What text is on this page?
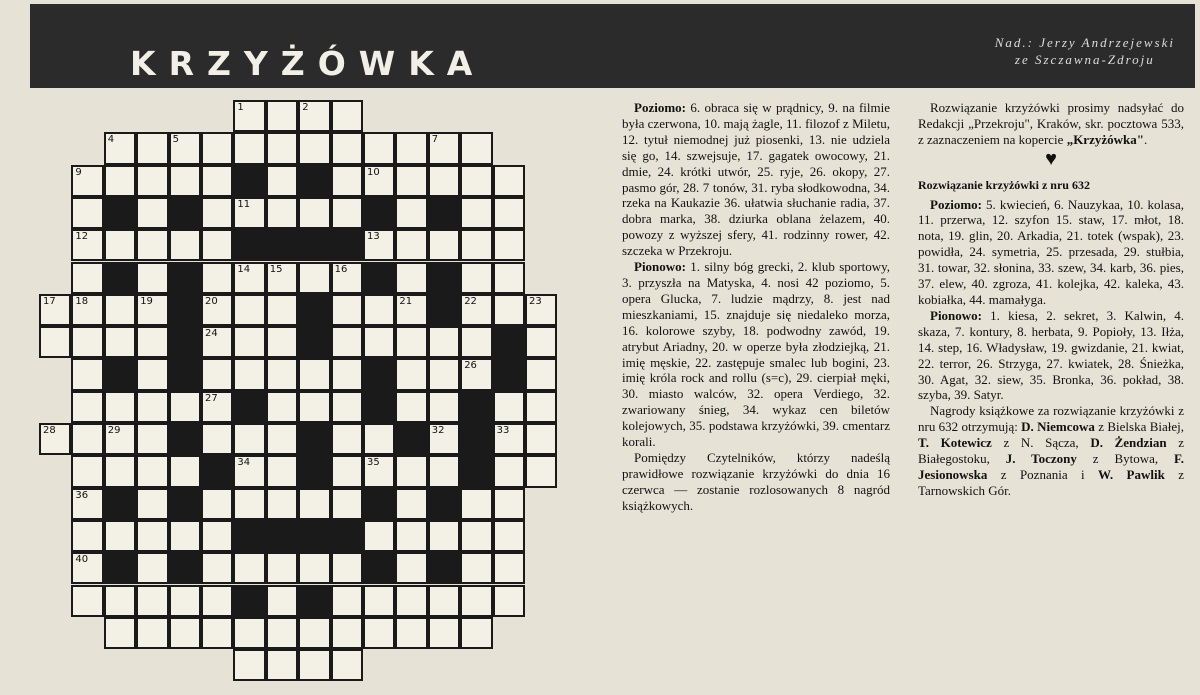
KRZYŻÓWKA
Nad.: Jerzy Andrzejewski
ze Szczawna-Zdroju
1	2
4	5	7
9	10
11
12	13
14 15	16
17 18	19	20	21	22	23
24
26
27
28	29	32	33
34	35
36
40

Poziomo: 6. obraca się w prądnicy, 9. na filmie była czerwona, 10. mają żagle, 11. filozof z Miletu, 12. tytuł niemodnej już piosenki, 13. nie udziela się go, 14. szwejsuje, 17. gagatek owocowy, 21. dmie, 24. krótki utwór, 25. ryje, 26. okopy, 27. pasmo gór, 28. 7 tonów, 31. ryba słodkowodna, 34. rzeka na Kaukazie 36. ułatwia słuchanie radia, 37. dobra marka, 38. dziurka oblana żelazem, 40. powozy z wyższej sfery, 41. rodzinny rower, 42. szczeka w Przekroju.

Pionowo: 1. silny bóg grecki, 2. klub sportowy, 3. przyszła na Matyska, 4. nosi 42 poziomo, 5. opera Glucka, 7. ludzie mądrzy, 8. jest nad mieszkaniami, 15. znajduje się niedaleko morza, 16. kolorowe szyby, 18. podwodny zawód, 19. atrybut Ariadny, 20. w operze była złodziejką, 21. imię męskie, 22. zastępuje smalec lub bogini, 23. imię króla rock and rollu (s=c), 29. cierpiał męki, 30. miasto walców, 32. opera Verdiego, 32. zwariowany śnieg, 34. wykaz cen biletów kolejowych, 35. podstawa krzyżówki, 39. cmentarz korali.

Pomiędzy Czytelników, którzy nadeślą prawidłowe rozwiązanie krzyżówki do dnia 16 czerwca — zostanie rozlosowanych 8 nagród książkowych.

Rozwiązanie krzyżówki prosimy nadsyłać do Redakcji „Przekroju", Kraków, skr. pocztowa 533, z zaznaczeniem na kopercie „Krzyżówka".

♥
Rozwiązanie krzyżówki z nru 632

Poziomo: 5. kwiecień, 6. Nauzykaa, 10. kolasa, 11. przerwa, 12. szyfon 15. staw, 17. młot, 18. nota, 19. glin, 20. Arkadia, 21. totek (wspak), 23. powidła, 24. symetria, 25. przesada, 29. stułbia, 31. towar, 32. słonina, 33. szew, 34. karb, 36. pies, 37. elew, 40. zgroza, 41. kolejka, 42. kaleka, 43. kobiałka, 44. mamałyga.

Pionowo: 1. kiesa, 2. sekret, 3. Kalwin, 4. skaza, 7. kontury, 8. herbata, 9. Popioły, 13. Iłża, 14. step, 16. Władysław, 19. gwizdanie, 21. kwiat, 22. terror, 26. Strzyga, 27. kwiatek, 28. Śnieżka, 30. Agat, 32. siew, 35. Bronka, 36. pokład, 38. szyba, 39. Satyr.

Nagrody książkowe za rozwiązanie krzyżówki z nru 632 otrzymują: D. Niemcowa z Bielska Białej, T. Kotewicz z N. Sącza, D. Żendzian z Białegostoku, J. Toczony z Bytowa, F. Jesionowska z Poznania i W. Pawlik z Tarnowskich Gór.
